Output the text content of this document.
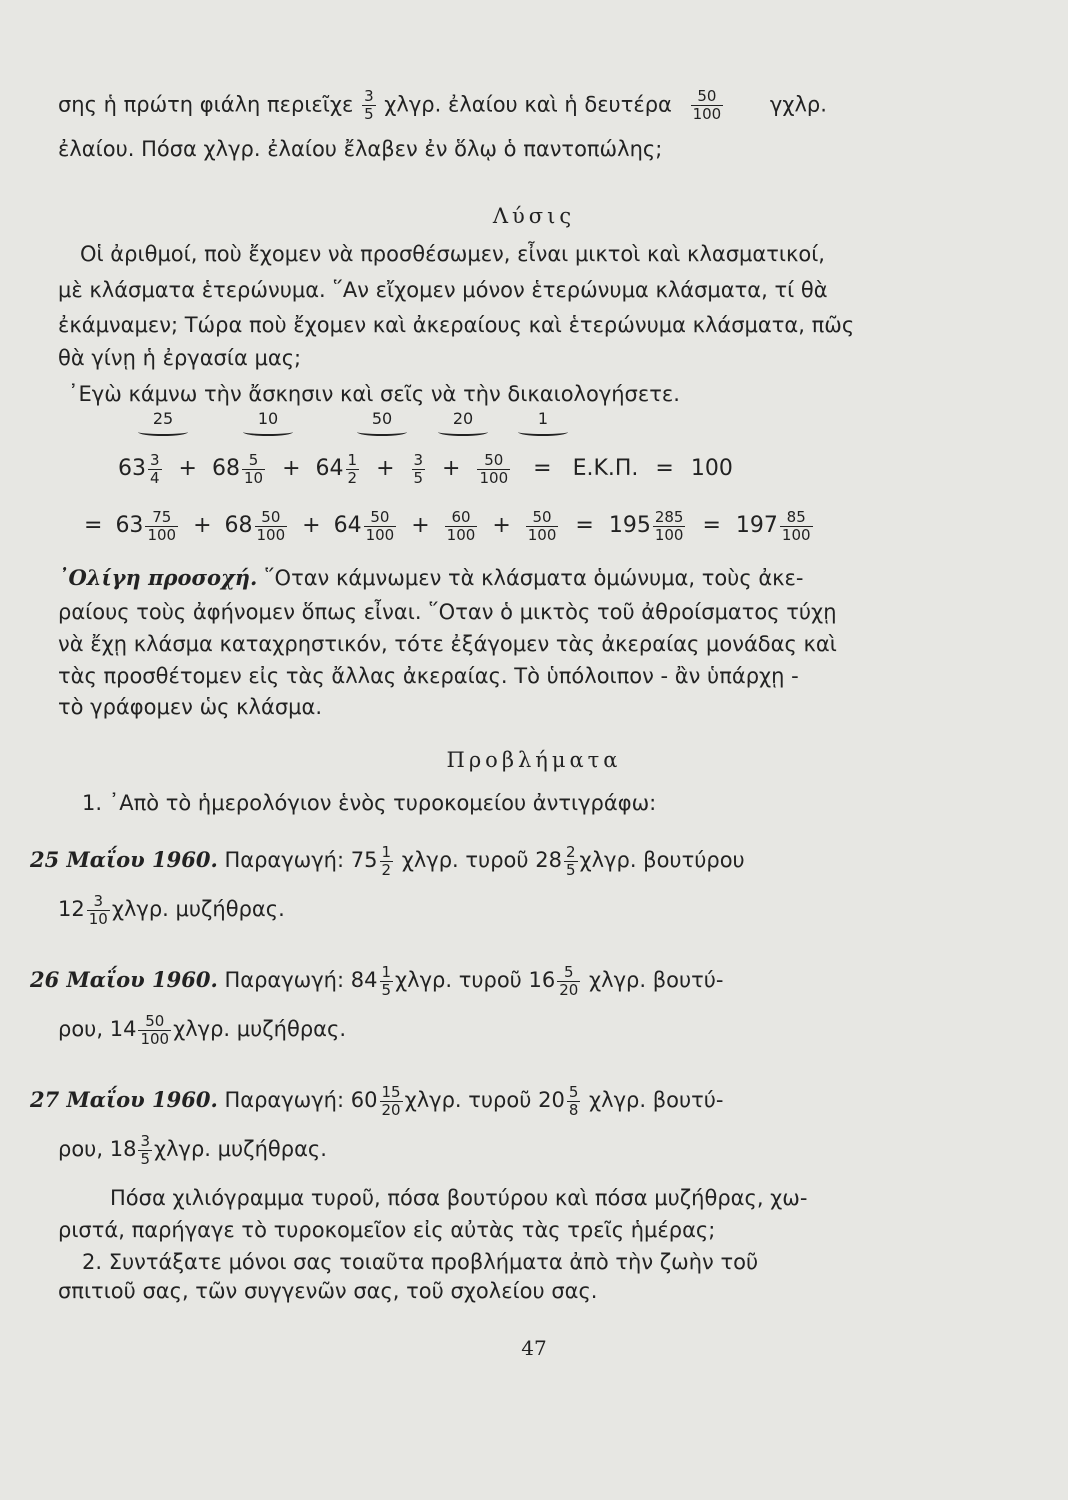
σης ἡ πρώτη φιάλη περιεῖχε $\frac{3}{5} \chi\lambda\gamma\rho$. ἐλαίου καὶ ἡ δευτέρα $\frac{50}{100} \gamma\chi\lambda\rho$.
ἐλαίου. Πόσα χλγρ. ἐλαίου ἔλαβεν ἐν ὅλῳ ὁ παντοπώλης;
Λύσις
Οἱ ἀριθμοί, ποὺ ἔχομεν νὰ προσθέσωμεν, εἶναι μικτοὶ καὶ κλασματικοί,
μὲ κλάσματα ἑτερώνυμα. ῞Αν εἴχομεν μόνον ἑτερώνυμα κλάσματα, τί θὰ
ἐκάμναμεν; Τώρα ποὺ ἔχομεν καὶ ἀκεραίους καὶ ἑτερώνυμα κλάσματα, πῶς
θὰ γίνῃ ἡ ἐργασία μας;
᾿Εγὼ κάμνω τὴν ἄσκησιν καὶ σεῖς νὰ τὴν δικαιολογήσετε.
25	10	50	20	1
$63 \frac{3}{4} + 68 \frac{5}{10} + 64 \frac{1}{2} + \frac{3}{5} + \frac{50}{100} = E.K.\Pi$. = 100
= $63 \frac{75}{100} + 68 \frac{50}{100} + 64 \frac{50}{100} + \frac{60}{100} + \frac{50}{100} = 195 \frac{285}{100} = 197 \frac{85}{100}$
᾿Ολίγη προσοχή. ῞Οταν κάμνωμεν τὰ κλάσματα ὁμώνυμα, τοὺς ἀκε-
ραίους τοὺς ἀφήνομεν ὅπως εἶναι. ῞Οταν ὁ μικτὸς τοῦ ἀθροίσματος τύχῃ
νὰ ἔχῃ κλάσμα καταχρηστικόν, τότε ἐξάγομεν τὰς ἀκεραίας μονάδας καὶ
τὰς προσθέτομεν εἰς τὰς ἄλλας ἀκεραίας. Τὸ ὑπόλοιπον - ἂν ὑπάρχῃ -
τὸ γράφομεν ὡς κλάσμα.
Προβλήματα
1. ᾿Απὸ τὸ ἡμερολόγιον ἑνὸς τυροκομείου ἀντιγράφω:
25 Μαΐου 1960. Παραγωγή: $75 \frac{1}{2} \chi\lambda\gamma\rho$. τυροῦ $28 \frac{2}{5} \chi\lambda\gamma\rho$. βουτύρου
$12 \frac{3}{10} \chi\lambda\gamma\rho$. μυζήθρας.
26 Μαΐου 1960. Παραγωγή: $84 \frac{1}{5} \chi\lambda\gamma\rho$. τυροῦ $16 \frac{5}{20} \chi\lambda\gamma\rho$. βουτύ-
ρου, $14 \frac{50}{100} \chi\lambda\gamma\rho$. μυζήθρας.
27 Μαΐου 1960. Παραγωγή: $60 \frac{15}{20} \chi\lambda\gamma\rho$. τυροῦ $20 \frac{5}{8} \chi\lambda\gamma\rho$. βουτύ-
ρου, $18 \frac{3}{5} \chi\lambda\gamma\rho$. μυζήθρας.
Πόσα χιλιόγραμμα τυροῦ, πόσα βουτύρου καὶ πόσα μυζήθρας, χω-
ριστά, παρήγαγε τὸ τυροκομεῖον εἰς αὐτὰς τὰς τρεῖς ἡμέρας;
2. Συντάξατε μόνοι σας τοιαῦτα προβλήματα ἀπὸ τὴν ζωὴν τοῦ
σπιτιοῦ σας, τῶν συγγενῶν σας, τοῦ σχολείου σας.
47
